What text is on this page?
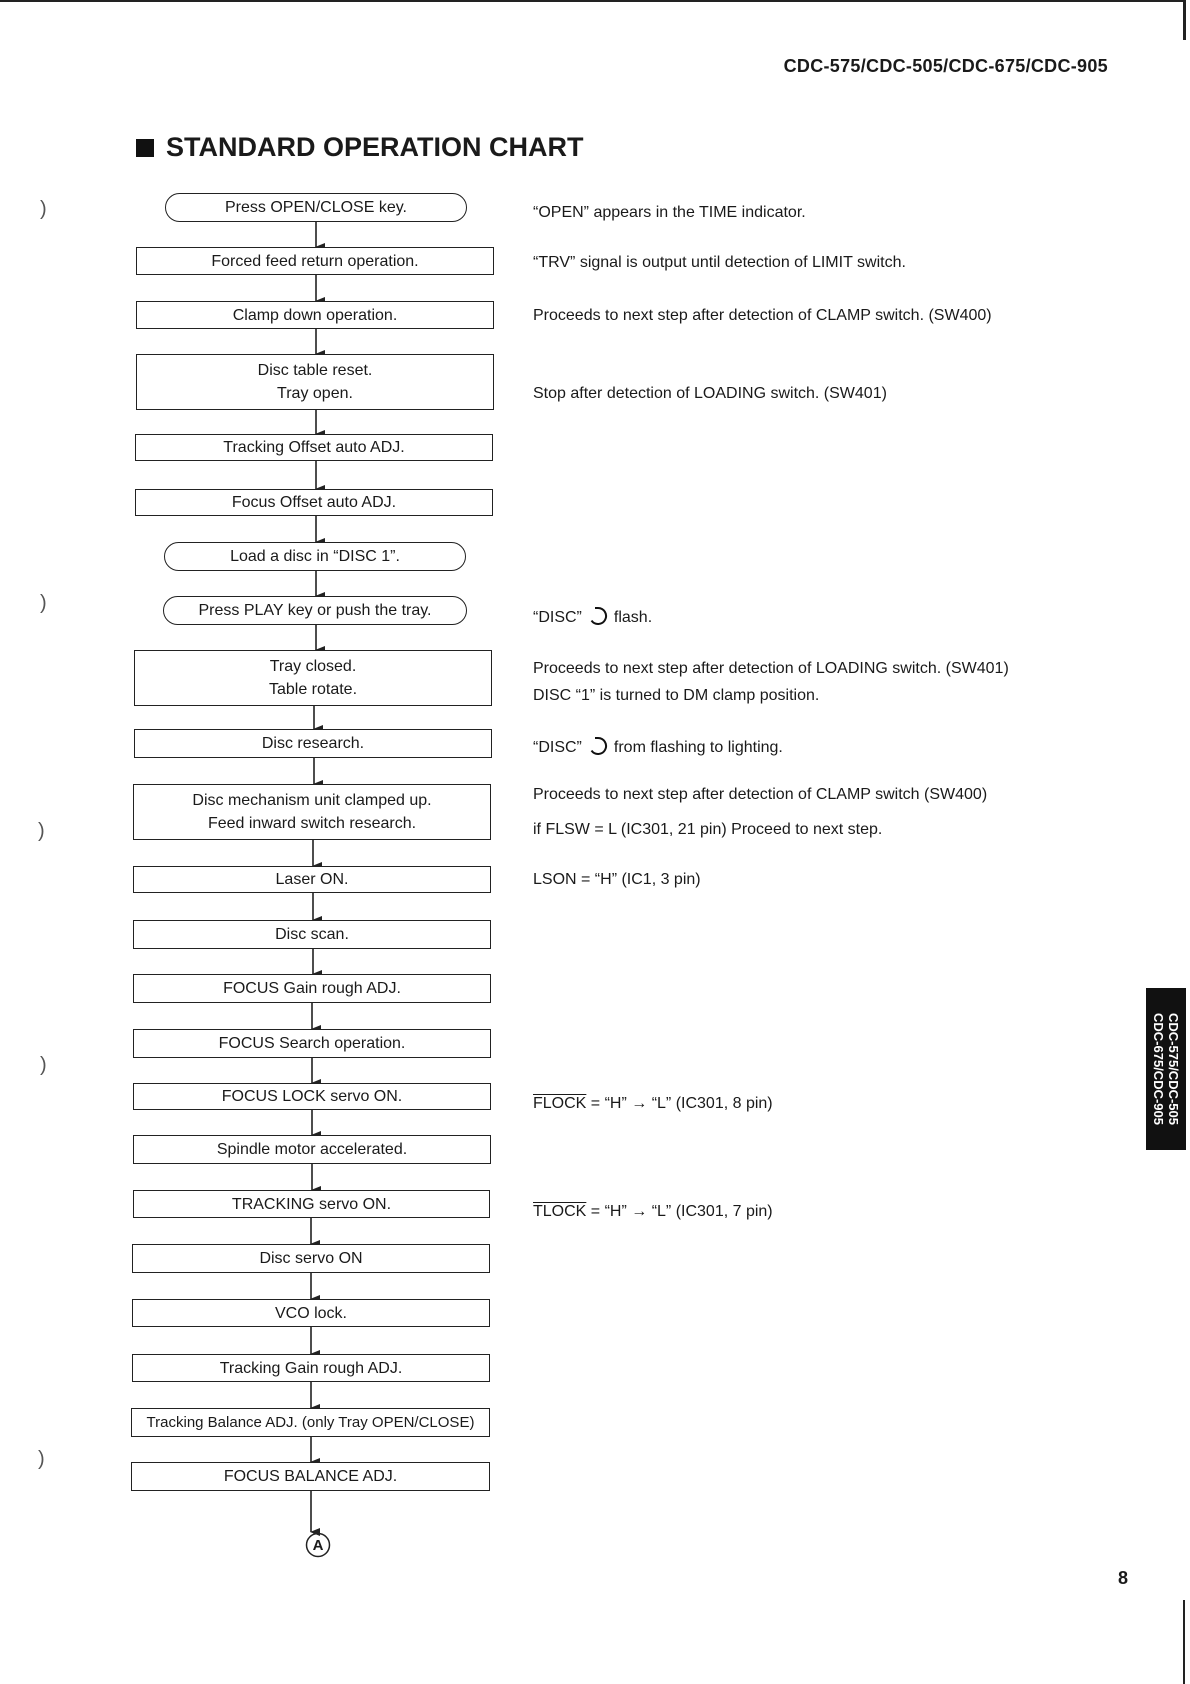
)
)
)
)
)
CDC-575/CDC-505/CDC-675/CDC-905
STANDARD OPERATION CHART
Press OPEN/CLOSE key.
Forced feed return operation.
Clamp down operation.
Disc table reset.
Tray open.
Tracking Offset auto ADJ.
Focus Offset auto ADJ.
Load a disc in “DISC 1”.
Press PLAY key or push the tray.
Tray closed.
Table rotate.
Disc research.
Disc mechanism unit clamped up.
Feed inward switch research.
Laser ON.
Disc scan.
FOCUS Gain rough ADJ.
FOCUS Search operation.
FOCUS LOCK servo ON.
Spindle motor accelerated.
TRACKING servo ON.
Disc servo ON
VCO lock.
Tracking Gain rough ADJ.
Tracking Balance ADJ. (only Tray OPEN/CLOSE)
FOCUS BALANCE ADJ.
A
“OPEN” appears in the TIME indicator.
“TRV” signal is output until detection of LIMIT switch.
Proceeds to next step after detection of CLAMP switch. (SW400)
Stop after detection of LOADING switch. (SW401)
“DISC” flash.
Proceeds to next step after detection of LOADING switch. (SW401)
DISC “1” is turned to DM clamp position.
“DISC” from flashing to lighting.
Proceeds to next step after detection of CLAMP switch (SW400)
if FLSW = L (IC301, 21 pin) Proceed to next step.
LSON = “H” (IC1, 3 pin)
FLOCK = “H” → “L” (IC301, 8 pin)
TLOCK = “H” → “L” (IC301, 7 pin)
CDC-575/CDC-505
CDC-675/CDC-905
8
